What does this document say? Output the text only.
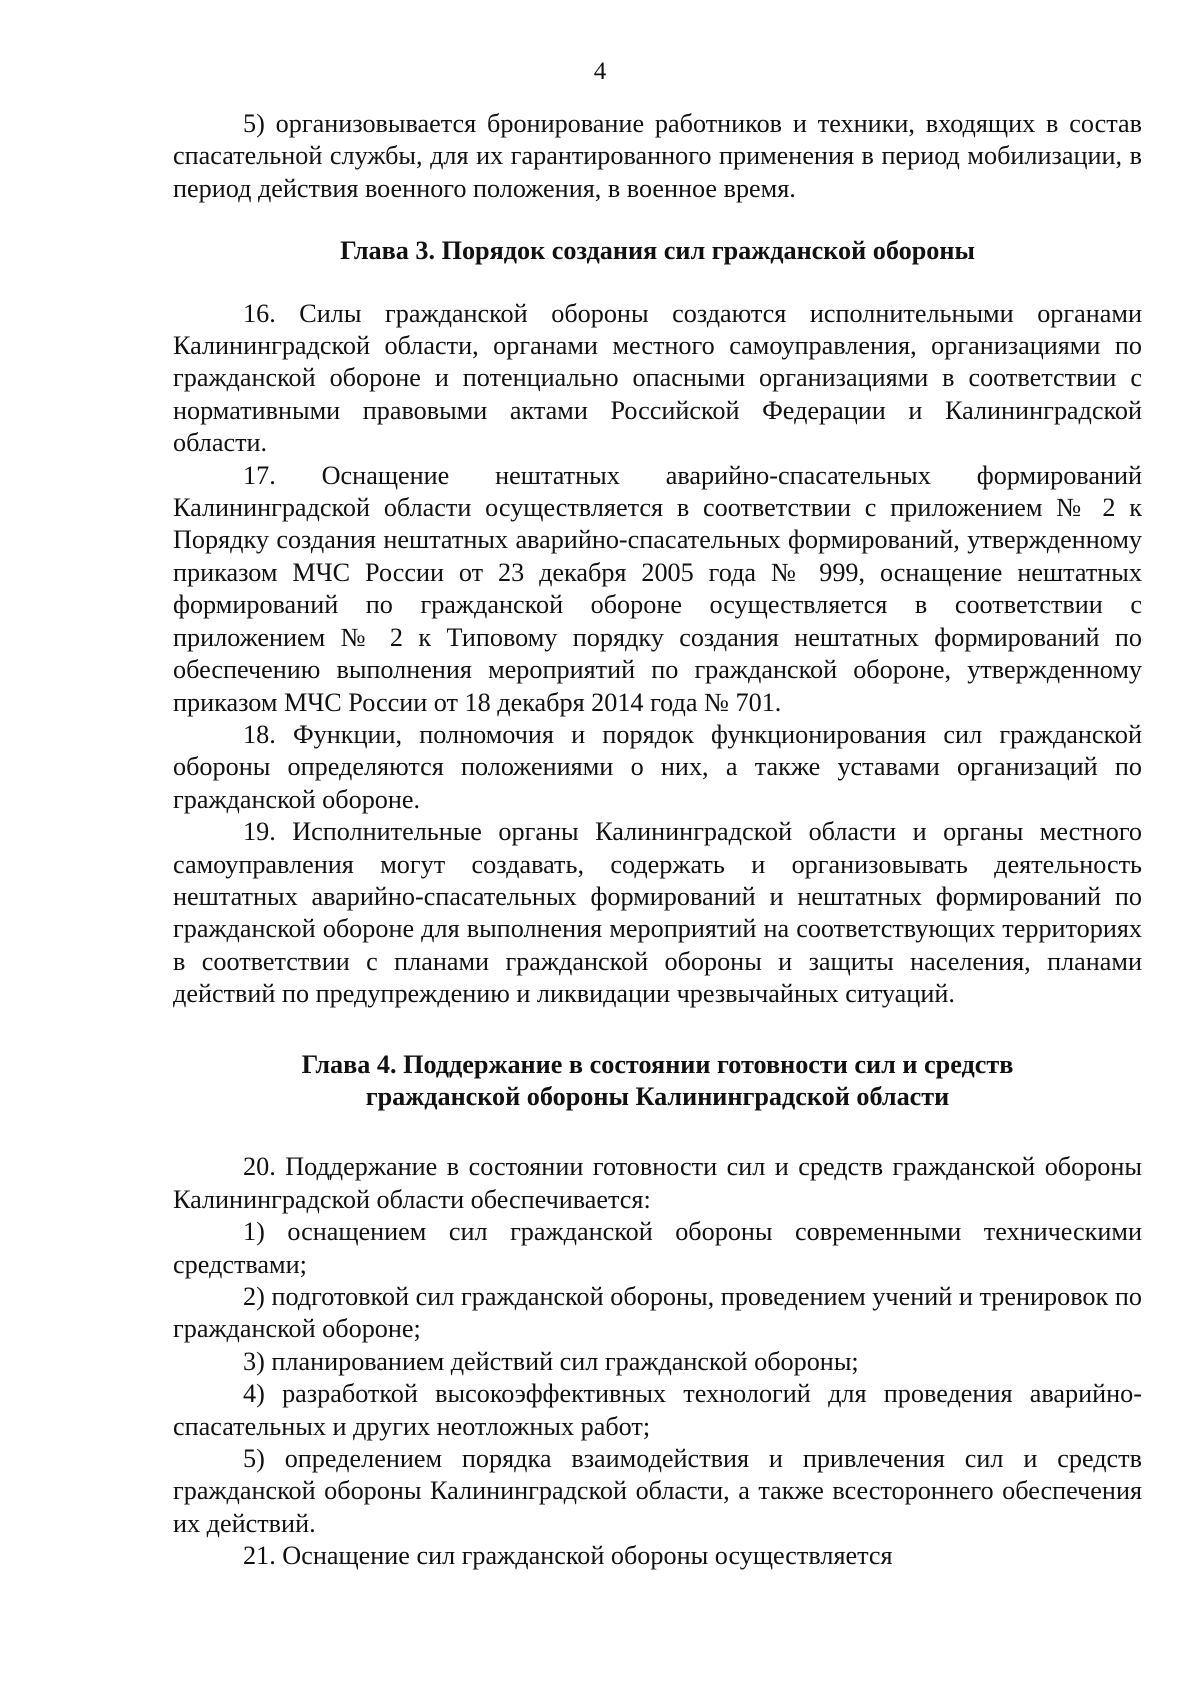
4

5) организовывается бронирование работников и техники, входящих в состав спасательной службы, для их гарантированного применения в период мобилизации, в период действия военного положения, в военное время.

Глава 3. Порядок создания сил гражданской обороны

16. Силы гражданской обороны создаются исполнительными органами Калининградской области, органами местного самоуправления, организациями по гражданской обороне и потенциально опасными организациями в соответствии с нормативными правовыми актами Российской Федерации и Калининградской области.

17. Оснащение нештатных аварийно-спасательных формирований Калининградской области осуществляется в соответствии с приложением № 2 к Порядку создания нештатных аварийно-спасательных формирований, утвержденному приказом МЧС России от 23 декабря 2005 года № 999, оснащение нештатных формирований по гражданской обороне осуществляется в соответствии с приложением № 2 к Типовому порядку создания нештатных формирований по обеспечению выполнения мероприятий по гражданской обороне, утвержденному приказом МЧС России от 18 декабря 2014 года № 701.

18. Функции, полномочия и порядок функционирования сил гражданской обороны определяются положениями о них, а также уставами организаций по гражданской обороне.

19. Исполнительные органы Калининградской области и органы местного самоуправления могут создавать, содержать и организовывать деятельность нештатных аварийно-спасательных формирований и нештатных формирований по гражданской обороне для выполнения мероприятий на соответствующих территориях в соответствии с планами гражданской обороны и защиты населения, планами действий по предупреждению и ликвидации чрезвычайных ситуаций.

Глава 4. Поддержание в состоянии готовности сил и средств
гражданской обороны Калининградской области

20. Поддержание в состоянии готовности сил и средств гражданской обороны Калининградской области обеспечивается:

1) оснащением сил гражданской обороны современными техническими средствами;

2) подготовкой сил гражданской обороны, проведением учений и тренировок по гражданской обороне;

3) планированием действий сил гражданской обороны;

4) разработкой высокоэффективных технологий для проведения аварийно-спасательных и других неотложных работ;

5) определением порядка взаимодействия и привлечения сил и средств гражданской обороны Калининградской области, а также всестороннего обеспечения их действий.

21. Оснащение сил гражданской обороны осуществляется
